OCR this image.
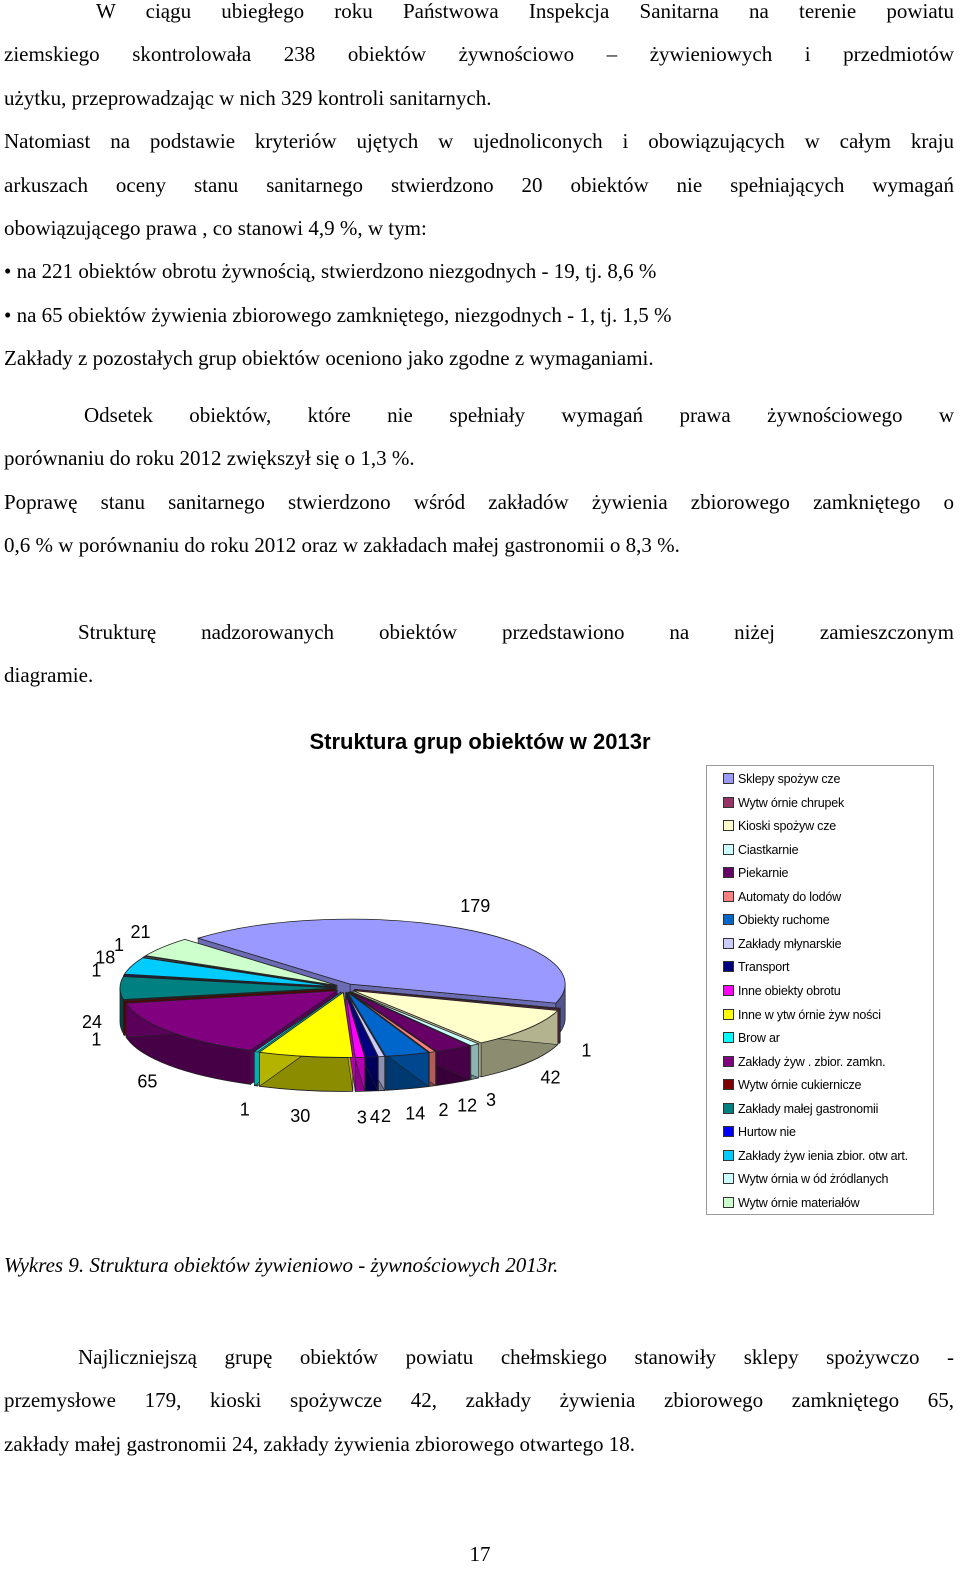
W ciągu ubiegłego roku Państwowa Inspekcja Sanitarna na terenie powiatu
ziemskiego skontrolowała 238 obiektów żywnościowo – żywieniowych i przedmiotów
użytku, przeprowadzając w nich 329 kontroli sanitarnych.
Natomiast na podstawie kryteriów ujętych w ujednoliconych i obowiązujących w całym kraju
arkuszach oceny stanu sanitarnego stwierdzono 20 obiektów nie spełniających wymagań
obowiązującego prawa , co stanowi 4,9 %, w tym:
• na 221 obiektów obrotu żywnością, stwierdzono niezgodnych - 19, tj. 8,6 %
• na 65 obiektów żywienia zbiorowego zamkniętego, niezgodnych - 1, tj. 1,5 %
Zakłady z pozostałych grup obiektów oceniono jako zgodne z wymaganiami.
Odsetek obiektów, które nie spełniały wymagań prawa żywnościowego w
porównaniu do roku 2012 zwiększył się o 1,3 %.
Poprawę stanu sanitarnego stwierdzono wśród zakładów żywienia zbiorowego zamkniętego o
0,6 % w porównaniu do roku 2012 oraz w zakładach małej gastronomii o 8,3 %.
Strukturę nadzorowanych obiektów przedstawiono na niżej zamieszczonym
diagramie.
Struktura grup obiektów w 2013r
179
1
42
3
12
2
14
2
4
3
30
1
65
1
24
1
18
1
21
Sklepy spożyw cze
Wytw órnie chrupek
Kioski spożyw cze
Ciastkarnie
Piekarnie
Automaty do lodów
Obiekty ruchome
Zakłady młynarskie
Transport
Inne obiekty obrotu
Inne w ytw órnie żyw ności
Brow ar
Zakłady żyw . zbior. zamkn.
Wytw órnie cukiernicze
Zakłady małej gastronomii
Hurtow nie
Zakłady żyw ienia zbior. otw art.
Wytw órnia w ód żródlanych
Wytw órnie materiałów
Wykres 9. Struktura obiektów żywieniowo - żywnościowych 2013r.
Najliczniejszą grupę obiektów powiatu chełmskiego stanowiły sklepy spożywczo -
przemysłowe 179, kioski spożywcze 42, zakłady żywienia zbiorowego zamkniętego 65,
zakłady małej gastronomii 24, zakłady żywienia zbiorowego otwartego 18.
17
